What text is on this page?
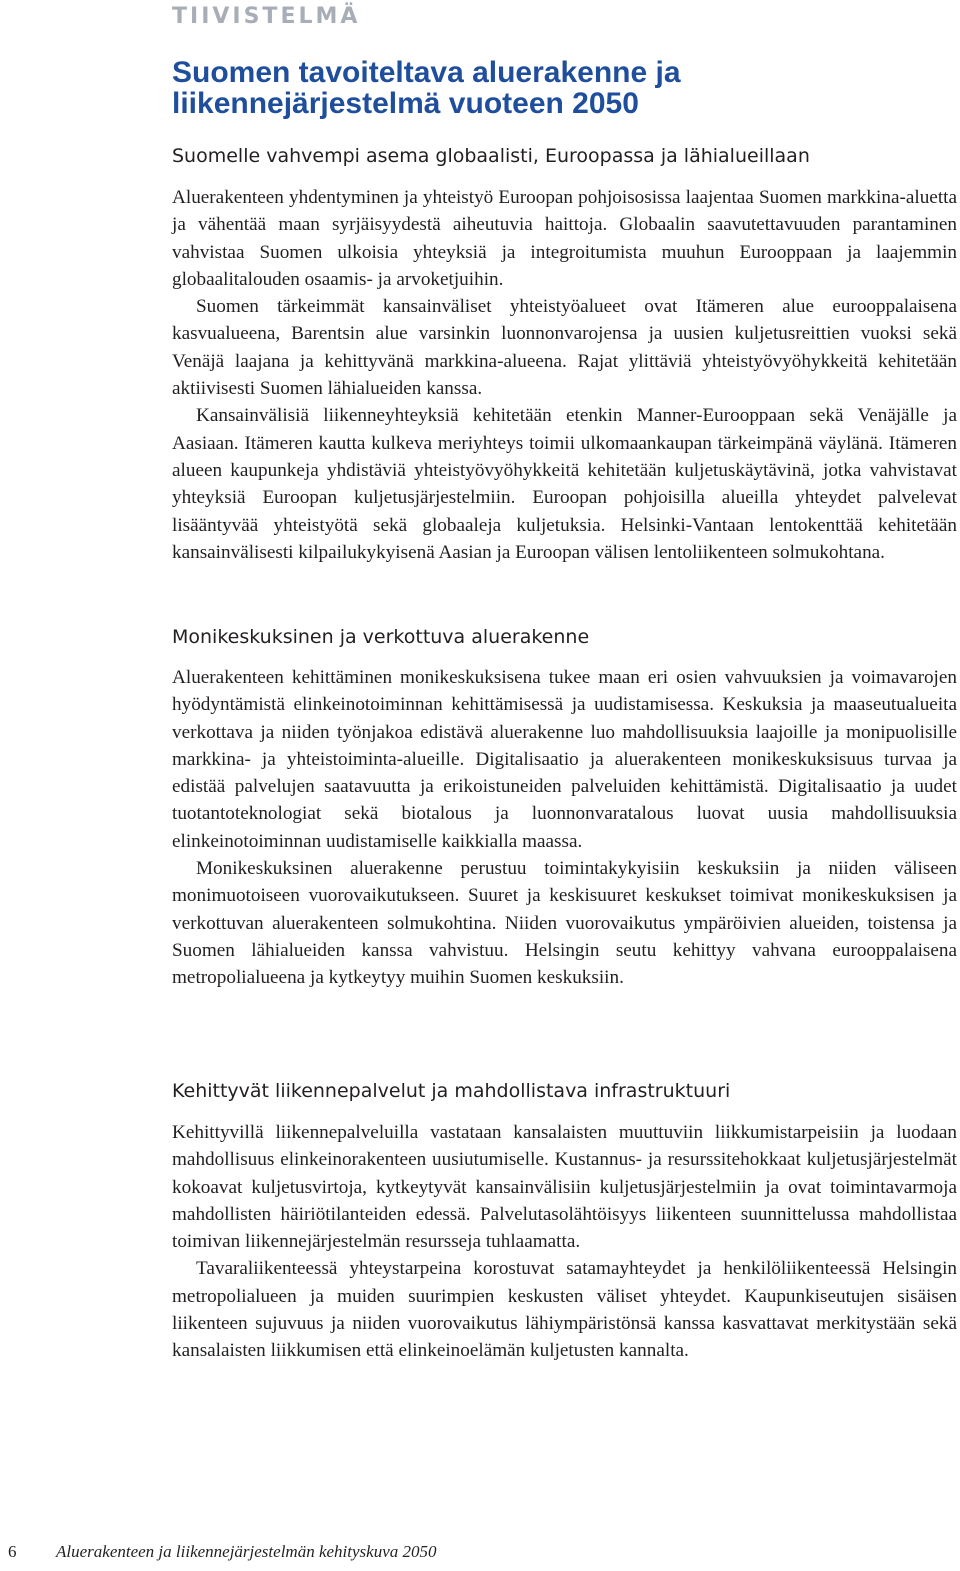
TIIVISTELMÄ
Suomen tavoiteltava aluerakenne ja liikennejärjestelmä vuoteen 2050
Suomelle vahvempi asema globaalisti, Euroopassa ja lähialueillaan

Aluerakenteen yhdentyminen ja yhteistyö Euroopan pohjoisosissa laajentaa Suomen markkina-aluetta ja vähentää maan syrjäisyydestä aiheutuvia haittoja. Globaalin saavutettavuuden parantaminen vahvistaa Suomen ulkoisia yhteyksiä ja integroitumista muuhun Eurooppaan ja laajemmin globaalitalouden osaamis- ja arvoketjuihin.

Suomen tärkeimmät kansainväliset yhteistyöalueet ovat Itämeren alue eurooppalaisena kasvualueena, Barentsin alue varsinkin luonnonvarojensa ja uusien kuljetusreittien vuoksi sekä Venäjä laajana ja kehittyvänä markkina-alueena. Rajat ylittäviä yhteistyövyöhykkeitä kehitetään aktiivisesti Suomen lähialueiden kanssa.

Kansainvälisiä liikenneyhteyksiä kehitetään etenkin Manner-Eurooppaan sekä Venäjälle ja Aasiaan. Itämeren kautta kulkeva meriyhteys toimii ulkomaankaupan tärkeimpänä väylänä. Itämeren alueen kaupunkeja yhdistäviä yhteistyövyöhykkeitä kehitetään kuljetuskäytävinä, jotka vahvistavat yhteyksiä Euroopan kuljetusjärjestelmiin. Euroopan pohjoisilla alueilla yhteydet palvelevat lisääntyvää yhteistyötä sekä globaaleja kuljetuksia. Helsinki-Vantaan lentokenttää kehitetään kansainvälisesti kilpailukykyisenä Aasian ja Euroopan välisen lentoliikenteen solmukohtana.

Monikeskuksinen ja verkottuva aluerakenne

Aluerakenteen kehittäminen monikeskuksisena tukee maan eri osien vahvuuksien ja voimavarojen hyödyntämistä elinkeinotoiminnan kehittämisessä ja uudistamisessa. Keskuksia ja maaseutualueita verkottava ja niiden työnjakoa edistävä aluerakenne luo mahdollisuuksia laajoille ja monipuolisille markkina- ja yhteistoiminta-alueille. Digitalisaatio ja aluerakenteen monikeskuksisuus turvaa ja edistää palvelujen saatavuutta ja erikoistuneiden palveluiden kehittämistä. Digitalisaatio ja uudet tuotantoteknologiat sekä biotalous ja luonnonvaratalous luovat uusia mahdollisuuksia elinkeinotoiminnan uudistamiselle kaikkialla maassa.

Monikeskuksinen aluerakenne perustuu toimintakykyisiin keskuksiin ja niiden väliseen monimuotoiseen vuorovaikutukseen. Suuret ja keskisuuret keskukset toimivat monikeskuksisen ja verkottuvan aluerakenteen solmukohtina. Niiden vuorovaikutus ympäröivien alueiden, toistensa ja Suomen lähialueiden kanssa vahvistuu. Helsingin seutu kehittyy vahvana eurooppalaisena metropolialueena ja kytkeytyy muihin Suomen keskuksiin.

Kehittyvät liikennepalvelut ja mahdollistava infrastruktuuri

Kehittyvillä liikennepalveluilla vastataan kansalaisten muuttuviin liikkumistarpeisiin ja luodaan mahdollisuus elinkeinorakenteen uusiutumiselle. Kustannus- ja resurssitehokkaat kuljetusjärjestelmät kokoavat kuljetusvirtoja, kytkeytyvät kansainvälisiin kuljetusjärjestelmiin ja ovat toimintavarmoja mahdollisten häiriötilanteiden edessä. Palvelutasolähtöisyys liikenteen suunnittelussa mahdollistaa toimivan liikennejärjestelmän resursseja tuhlaamatta.

Tavaraliikenteessä yhteystarpeina korostuvat satamayhteydet ja henkilöliikenteessä Helsingin metropolialueen ja muiden suurimpien keskusten väliset yhteydet. Kaupunkiseutujen sisäisen liikenteen sujuvuus ja niiden vuorovaikutus lähiympäristönsä kanssa kasvattavat merkitystään sekä kansalaisten liikkumisen että elinkeinoelämän kuljetusten kannalta.

6 Aluerakenteen ja liikennejärjestelmän kehityskuva 2050
